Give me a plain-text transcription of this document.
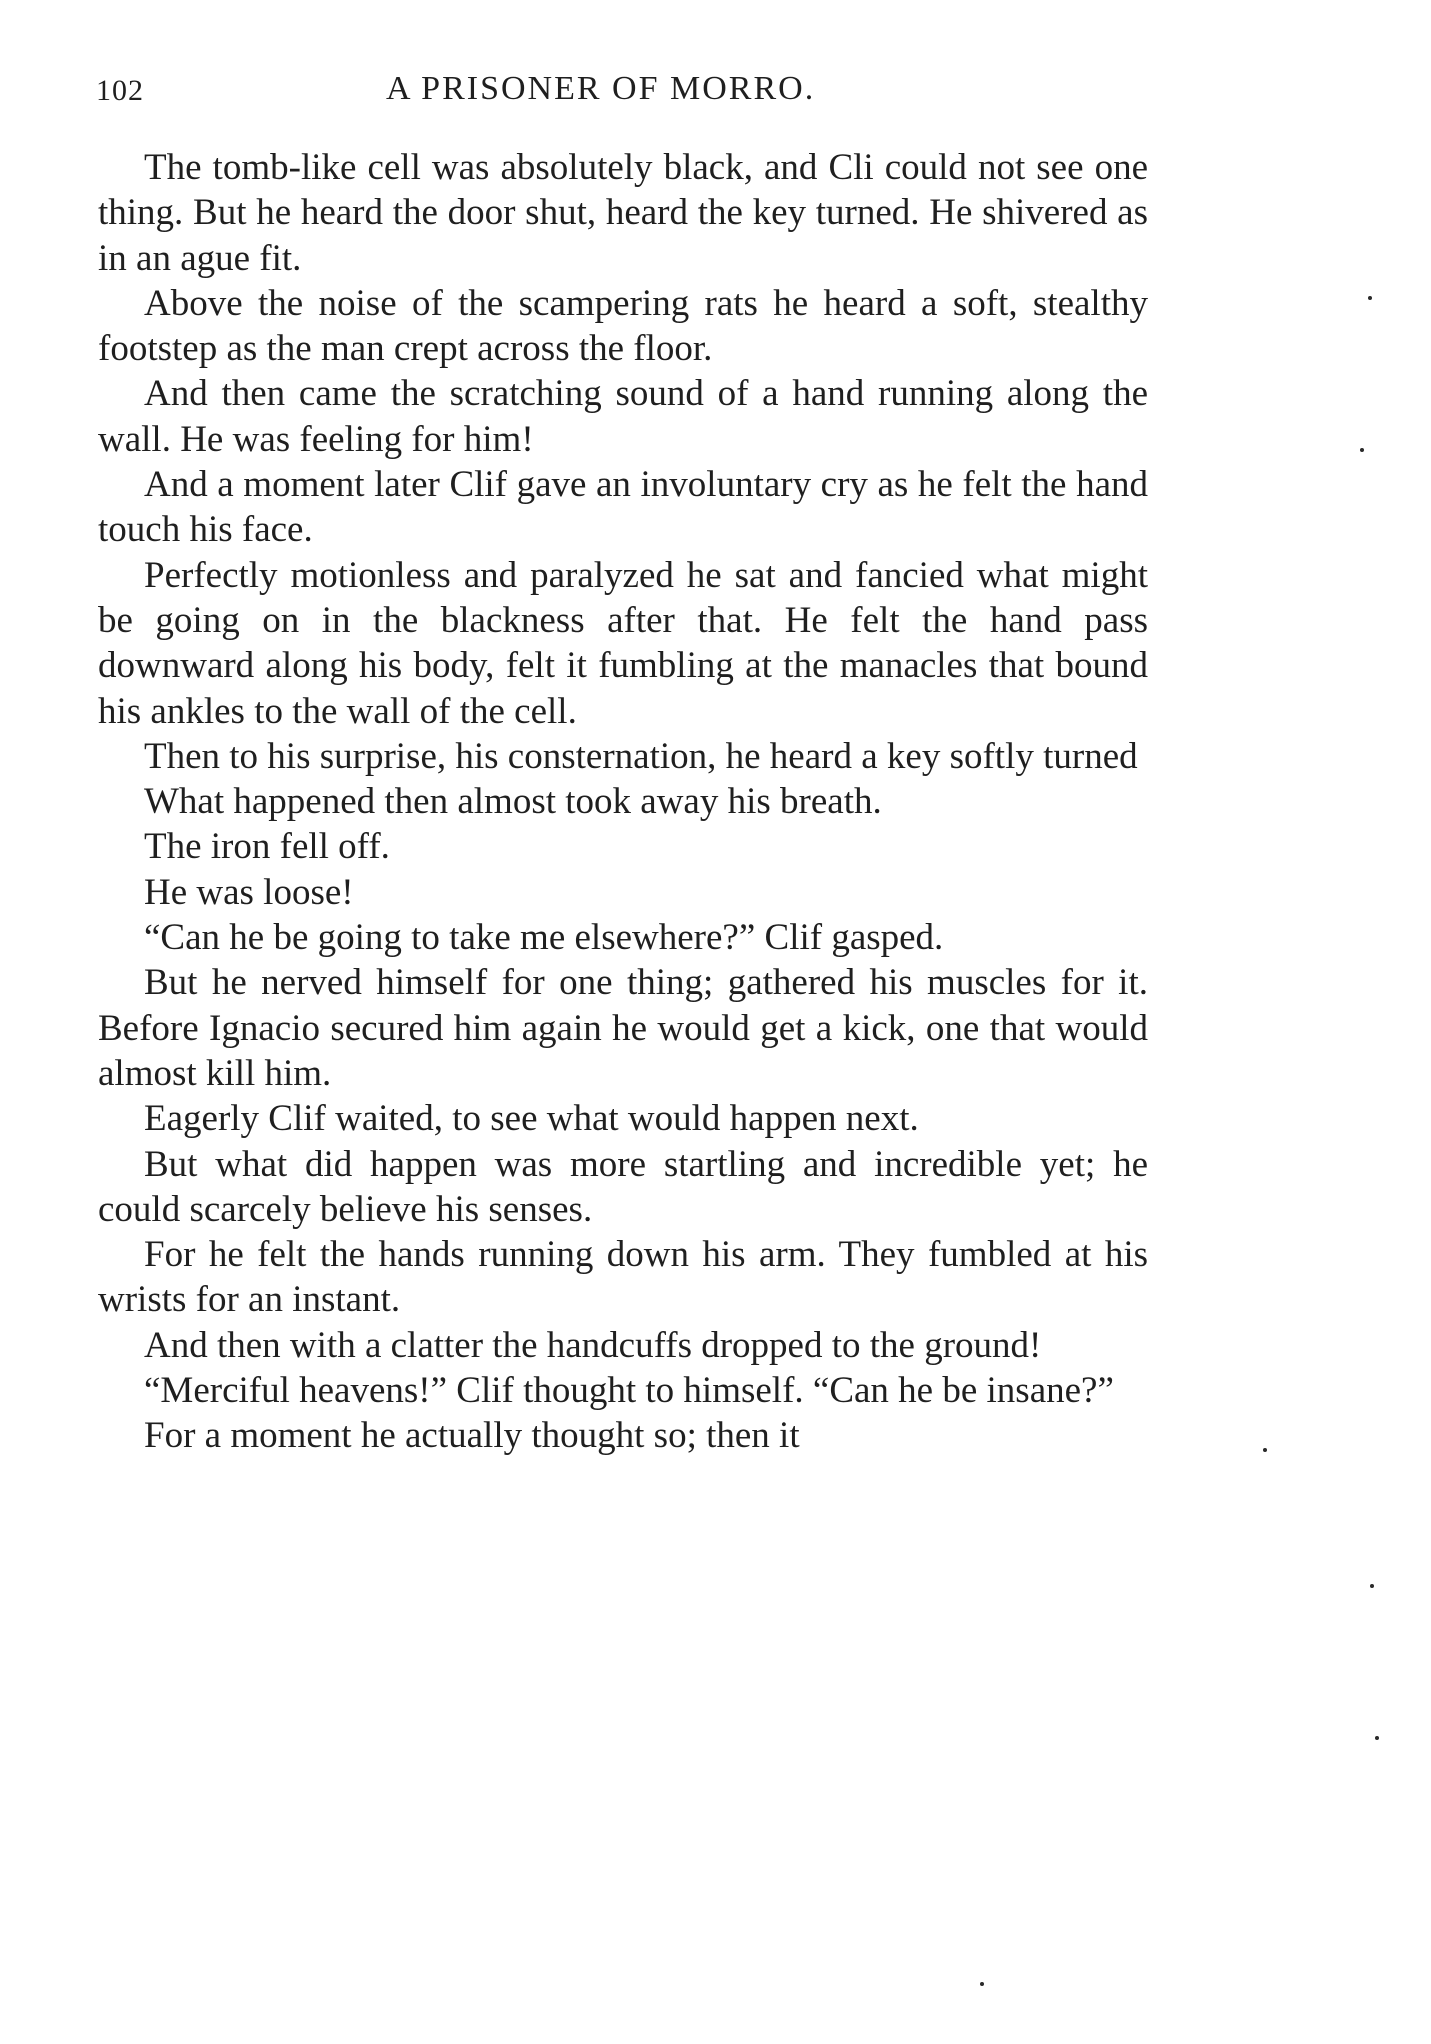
102	A PRISONER OF MORRO.

The tomb-like cell was absolutely black, and Cli could not see one thing. But he heard the door shut, heard the key turned. He shivered as in an ague fit.

Above the noise of the scampering rats he heard a soft, stealthy footstep as the man crept across the floor.

And then came the scratching sound of a hand running along the wall. He was feeling for him!

And a moment later Clif gave an involuntary cry as he felt the hand touch his face.

Perfectly motionless and paralyzed he sat and fancied what might be going on in the blackness after that. He felt the hand pass downward along his body, felt it fumbling at the manacles that bound his ankles to the wall of the cell.

Then to his surprise, his consternation, he heard a key softly turned

What happened then almost took away his breath.

The iron fell off.

He was loose!

“Can he be going to take me elsewhere?” Clif gasped.

But he nerved himself for one thing; gathered his muscles for it. Before Ignacio secured him again he would get a kick, one that would almost kill him.

Eagerly Clif waited, to see what would happen next.

But what did happen was more startling and incredible yet; he could scarcely believe his senses.

For he felt the hands running down his arm. They fumbled at his wrists for an instant.

And then with a clatter the handcuffs dropped to the ground!

“Merciful heavens!” Clif thought to himself. “Can he be insane?”

For a moment he actually thought so; then it
